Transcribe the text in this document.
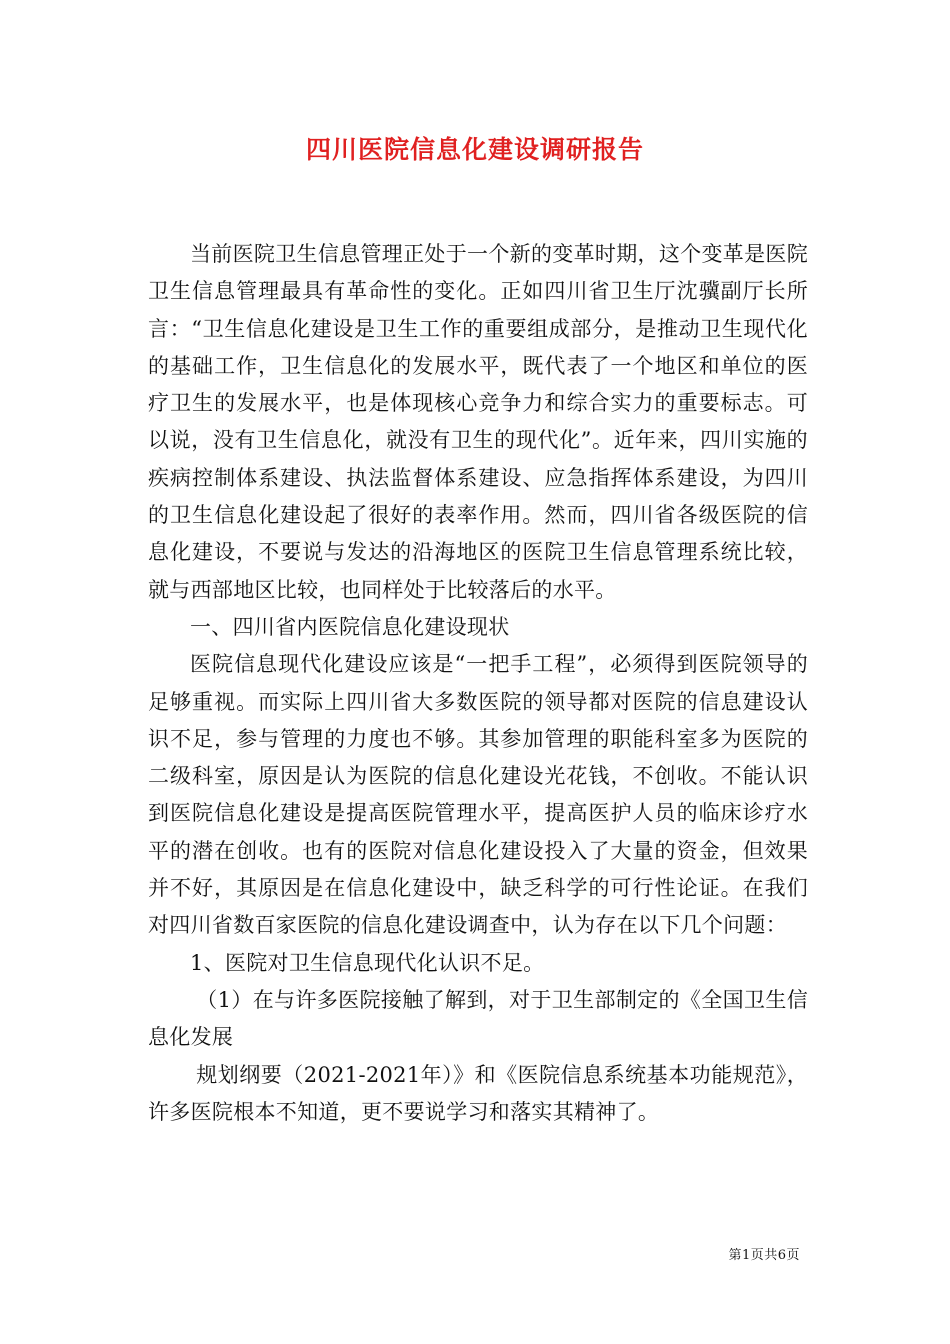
四川医院信息化建设调研报告

当前医院卫生信息管理正处于一个新的变革时期，这个变革是医院卫生信息管理最具有革命性的变化。正如四川省卫生厅沈骥副厅长所言：“卫生信息化建设是卫生工作的重要组成部分，是推动卫生现代化的基础工作，卫生信息化的发展水平，既代表了一个地区和单位的医疗卫生的发展水平，也是体现核心竞争力和综合实力的重要标志。可以说，没有卫生信息化，就没有卫生的现代化”。近年来，四川实施的疾病控制体系建设、执法监督体系建设、应急指挥体系建设，为四川的卫生信息化建设起了很好的表率作用。然而，四川省各级医院的信息化建设，不要说与发达的沿海地区的医院卫生信息管理系统比较，就与西部地区比较，也同样处于比较落后的水平。

一、四川省内医院信息化建设现状

医院信息现代化建设应该是“一把手工程”，必须得到医院领导的足够重视。而实际上四川省大多数医院的领导都对医院的信息建设认识不足，参与管理的力度也不够。其参加管理的职能科室多为医院的二级科室，原因是认为医院的信息化建设光花钱，不创收。不能认识到医院信息化建设是提高医院管理水平，提高医护人员的临床诊疗水平的潜在创收。也有的医院对信息化建设投入了大量的资金，但效果并不好，其原因是在信息化建设中，缺乏科学的可行性论证。在我们对四川省数百家医院的信息化建设调查中，认为存在以下几个问题：

1、医院对卫生信息现代化认识不足。

（1）在与许多医院接触了解到，对于卫生部制定的《全国卫生信息化发展

规划纲要（2021-2021年）》和《医院信息系统基本功能规范》，许多医院根本不知道，更不要说学习和落实其精神了。

第1页共6页
